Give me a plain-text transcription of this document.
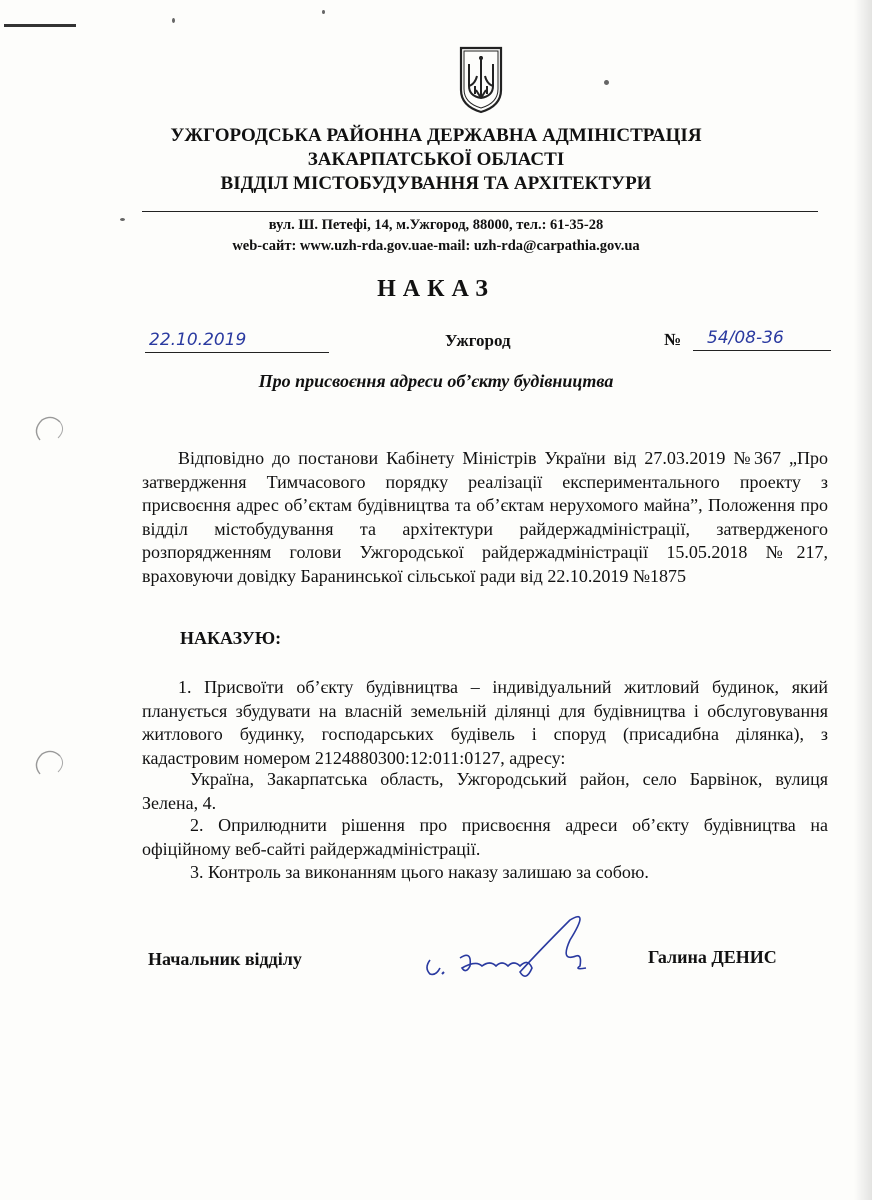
УЖГОРОДСЬКА РАЙОННА ДЕРЖАВНА АДМІНІСТРАЦІЯ
ЗАКАРПАТСЬКОЇ ОБЛАСТІ
ВІДДІЛ МІСТОБУДУВАННЯ ТА АРХІТЕКТУРИ
вул. Ш. Петефі, 14, м.Ужгород, 88000, тел.: 61-35-28
web-сайт: www.uzh-rda.gov.uae-mail: uzh-rda@carpathia.gov.ua
НАКАЗ
22.10.2019	Ужгород	№	54/08-36
Про присвоєння адреси об’єкту будівництва
Відповідно до постанови Кабінету Міністрів України від 27.03.2019 №367 „Про затвердження Тимчасового порядку реалізації експериментального проекту з присвоєння адрес об’єктам будівництва та об’єктам нерухомого майна”, Положення про відділ містобудування та архітектури райдержадміністрації, затвердженого розпорядженням голови Ужгородської райдержадміністрації 15.05.2018 №217, враховуючи довідку Баранинської сільської ради від 22.10.2019 №1875
НАКАЗУЮ:
1. Присвоїти об’єкту будівництва – індивідуальний житловий будинок, який планується збудувати на власній земельній ділянці для будівництва і обслуговування житлового будинку, господарських будівель і споруд (присадибна ділянка), з кадастровим номером 2124880300:12:011:0127, адресу:
Україна, Закарпатська область, Ужгородський район, село Барвінок, вулиця Зелена, 4.
2. Оприлюднити рішення про присвоєння адреси об’єкту будівництва на офіційному веб-сайті райдержадміністрації.
3. Контроль за виконанням цього наказу залишаю за собою.
Начальник відділу	Галина ДЕНИС
